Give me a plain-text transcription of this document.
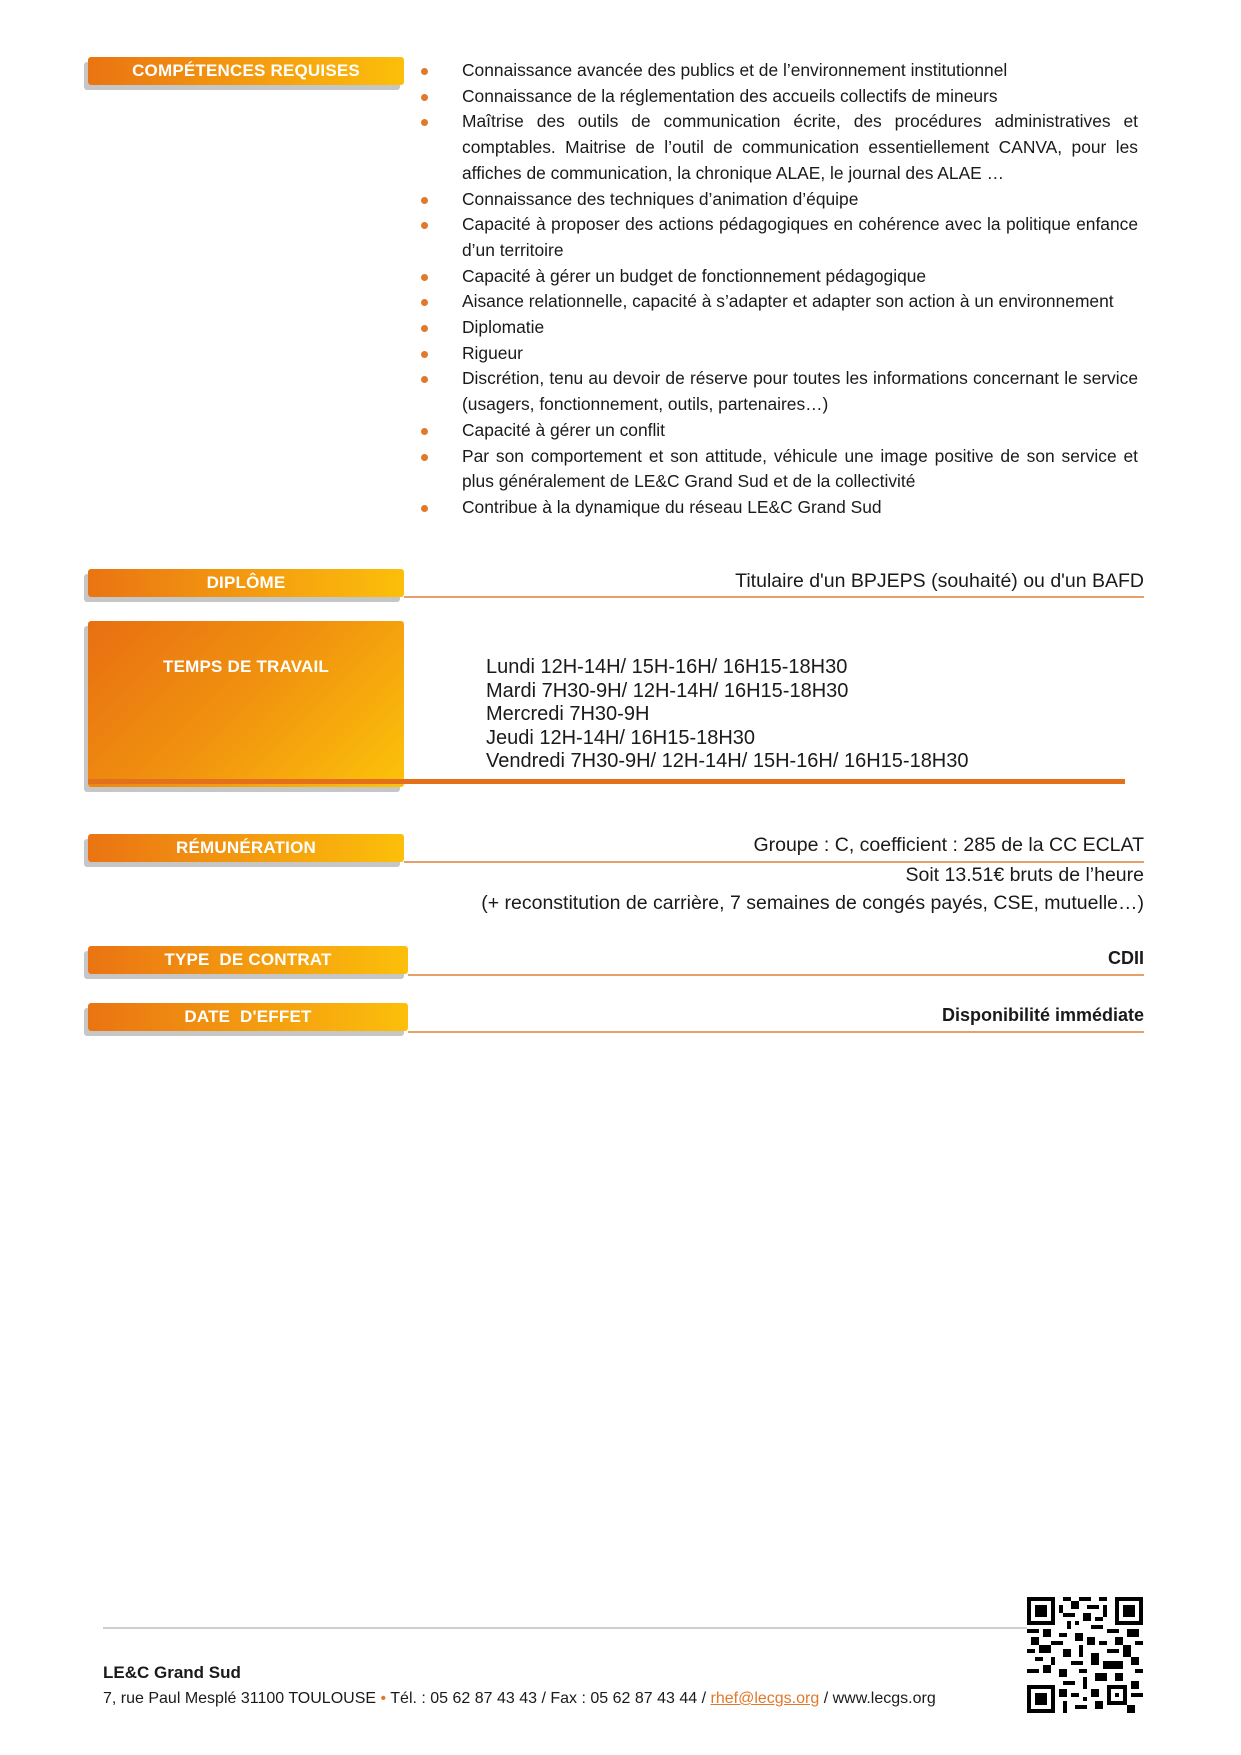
COMPÉTENCES REQUISES	Connaissance avancée des publics et de l’environnement institutionnel
Connaissance de la réglementation des accueils collectifs de mineurs
Maîtrise des outils de communication écrite, des procédures administratives et comptables. Maitrise de l’outil de communication essentiellement CANVA, pour les affiches de communication, la chronique ALAE, le journal des ALAE …
Connaissance des techniques d’animation d’équipe
Capacité à proposer des actions pédagogiques en cohérence avec la politique enfance d’un territoire
Capacité à gérer un budget de fonctionnement pédagogique
Aisance relationnelle, capacité à s’adapter et adapter son action à un environnement
Diplomatie
Rigueur
Discrétion, tenu au devoir de réserve pour toutes les informations concernant le service (usagers, fonctionnement, outils, partenaires…)
Capacité à gérer un conflit
Par son comportement et son attitude, véhicule une image positive de son service et plus généralement de LE&C Grand Sud et de la collectivité
Contribue à la dynamique du réseau LE&C Grand Sud
DIPLÔME	Titulaire d'un BPJEPS (souhaité) ou d'un BAFD
TEMPS DE TRAVAIL	Lundi 12H-14H/ 15H-16H/ 16H15-18H30
Mardi 7H30-9H/ 12H-14H/ 16H15-18H30
Mercredi 7H30-9H
Jeudi 12H-14H/ 16H15-18H30
Vendredi 7H30-9H/ 12H-14H/ 15H-16H/ 16H15-18H30
RÉMUNÉRATION	Groupe : C, coefficient : 285 de la CC ECLAT
Soit 13.51€ bruts de l’heure
(+ reconstitution de carrière, 7 semaines de congés payés, CSE, mutuelle…)
TYPE  DE CONTRAT	CDII
DATE  D'EFFET	Disponibilité immédiate
LE&C Grand Sud
7, rue Paul Mesplé 31100 TOULOUSE • Tél. : 05 62 87 43 43 / Fax : 05 62 87 43 44 / rhef@lecgs.org / www.lecgs.org
